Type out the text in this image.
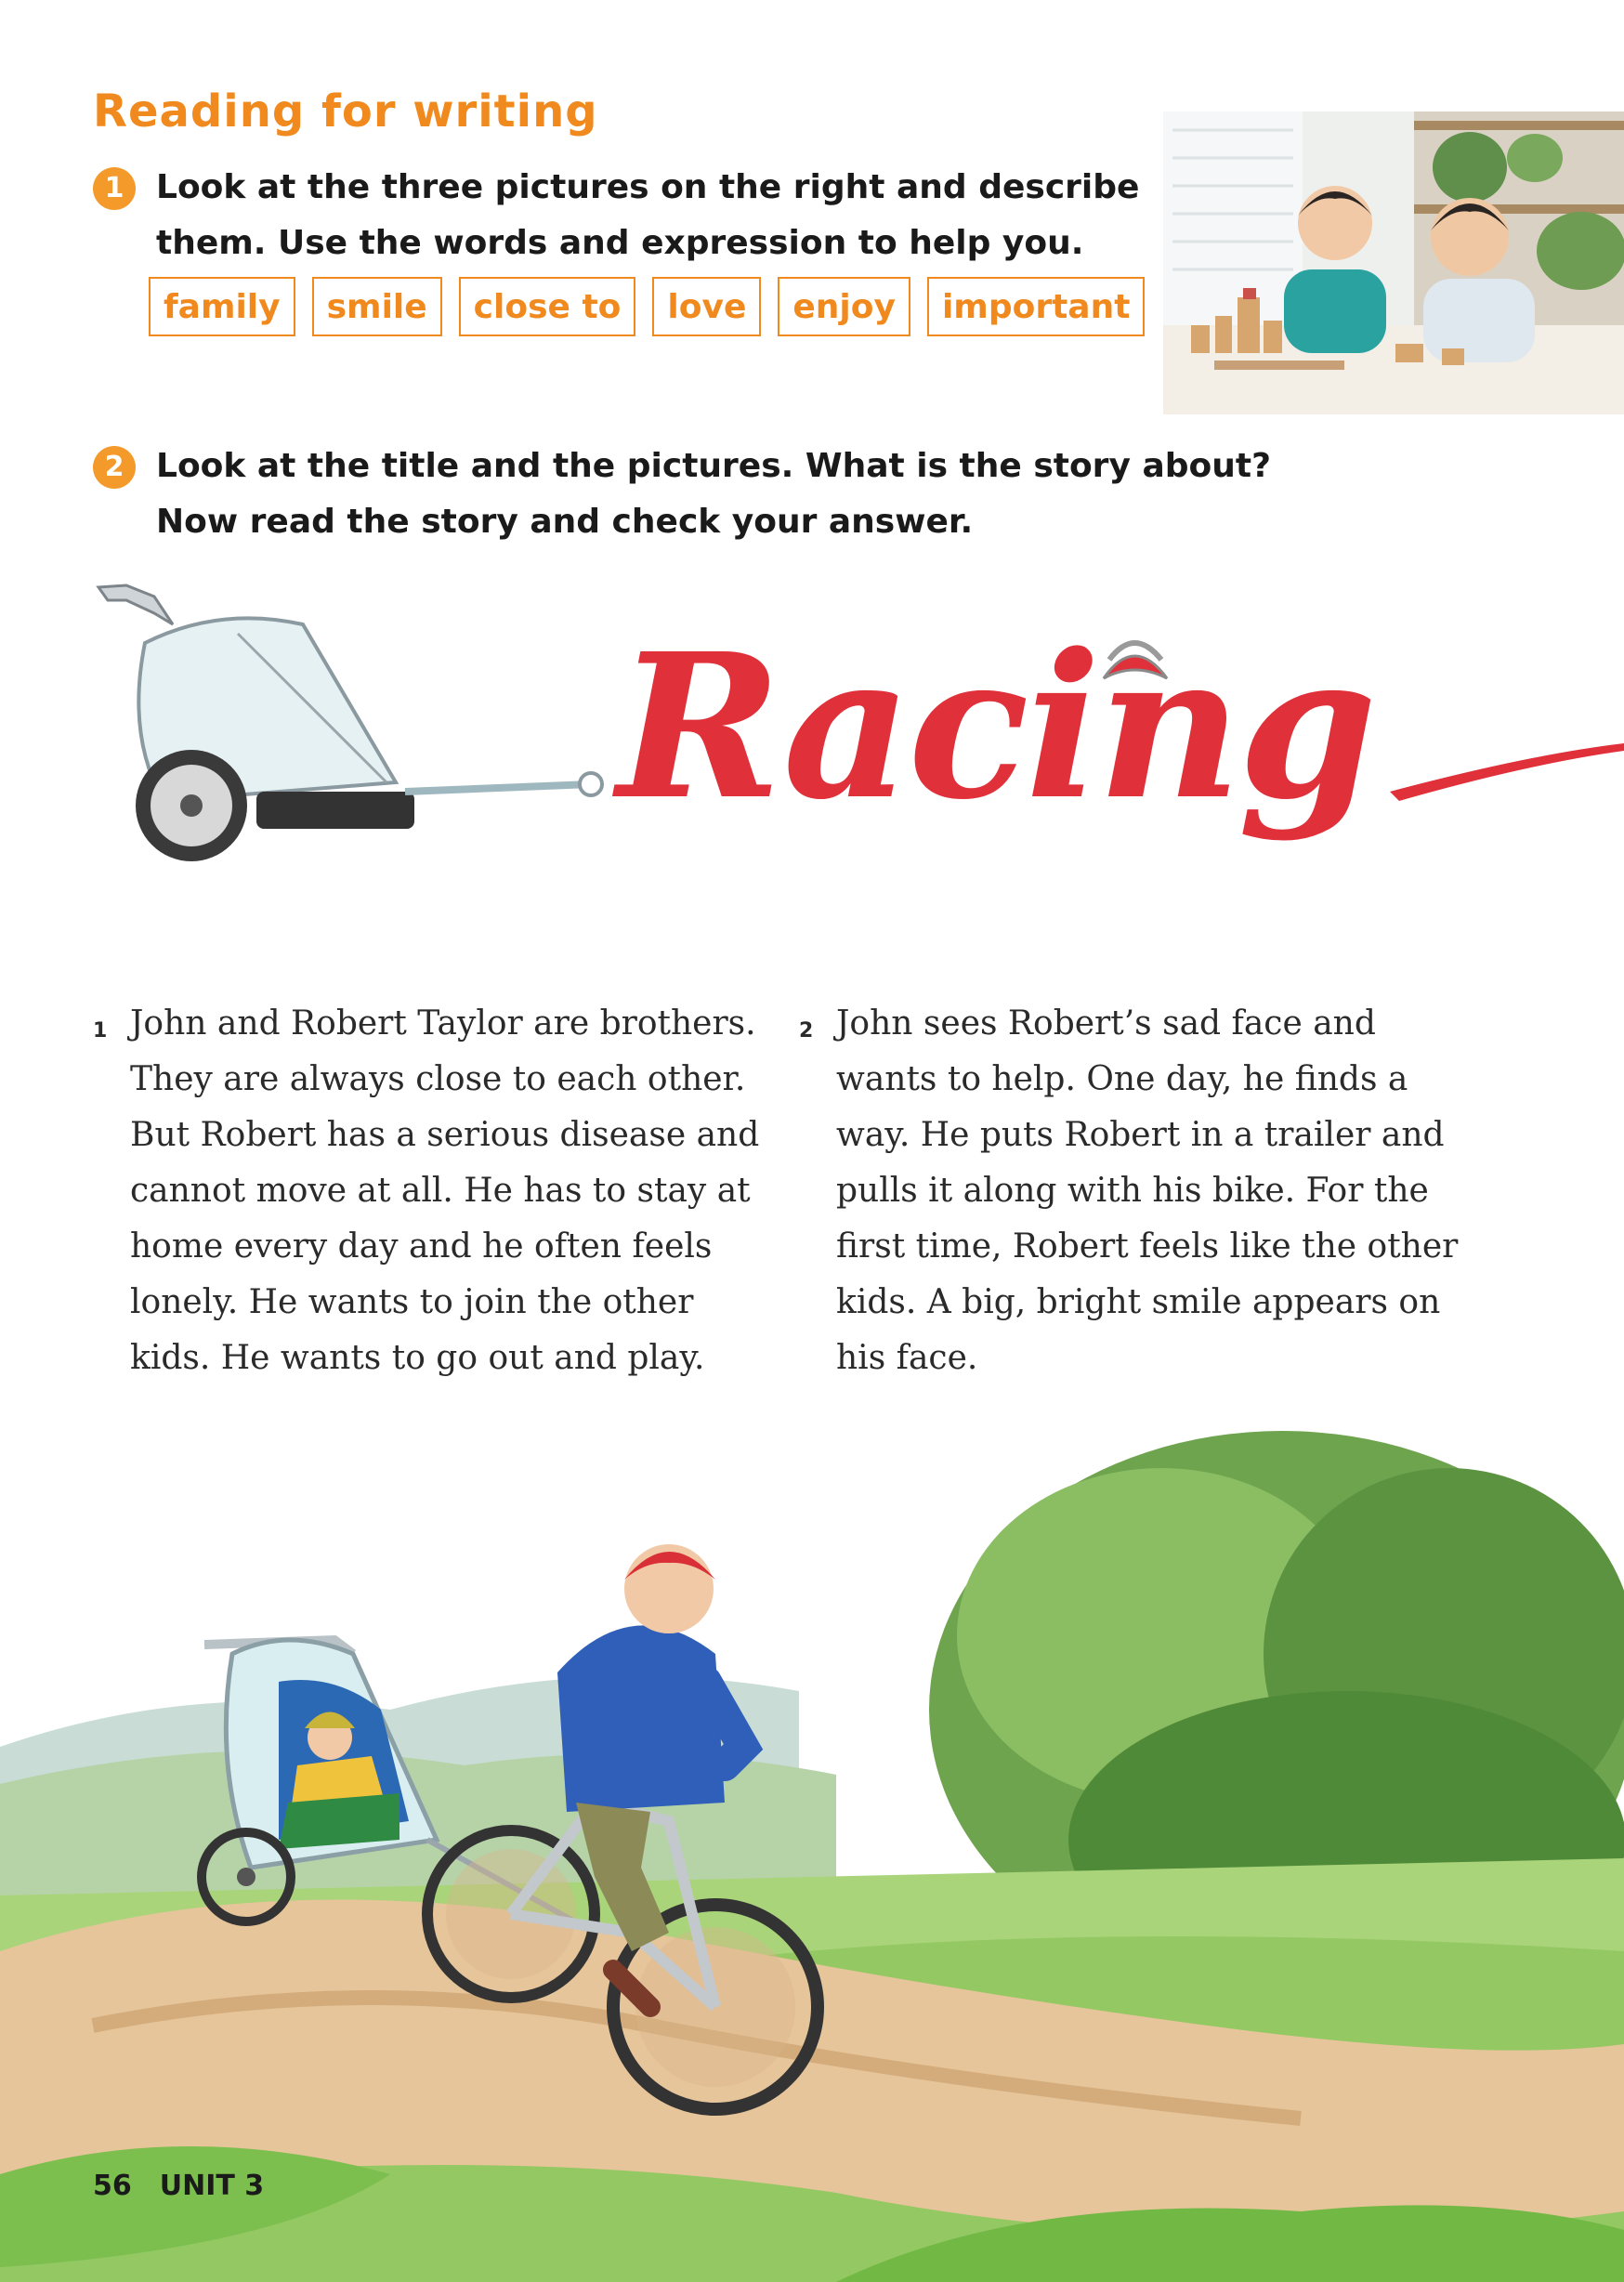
Reading for writing
1 Look at the three pictures on the right and describe
them. Use the words and expression to help you.
family	smile	close to	love	enjoy	important
2 Look at the title and the pictures. What is the story about?
Now read the story and check your answer.
Racing
1 John and Robert Taylor are brothers.
They are always close to each other.
But Robert has a serious disease and
cannot move at all. He has to stay at
home every day and he often feels
lonely. He wants to join the other
kids. He wants to go out and play.
2 John sees Robert’s sad face and
wants to help. One day, he finds a
way. He puts Robert in a trailer and
pulls it along with his bike. For the
first time, Robert feels like the other
kids. A big, bright smile appears on
his face.
56 UNIT 3
